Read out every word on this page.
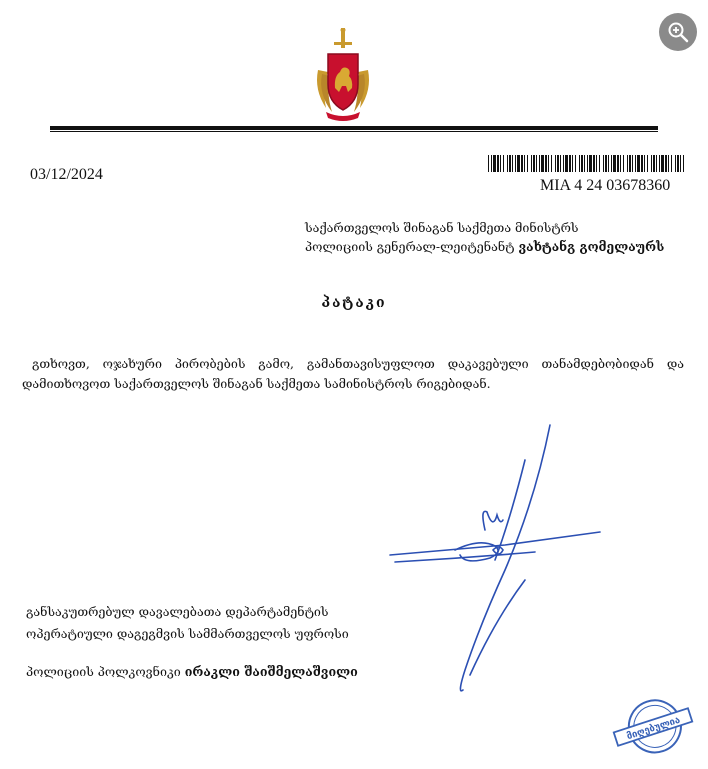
03/12/2024
MIA 4 24 03678360
საქართველოს შინაგან საქმეთა მინისტრს
პოლიციის გენერალ-ლეიტენანტ ვახტანგ გომელაურს
პატაკი
გთხოვთ, ოჯახური პირობების გამო, გამანთავისუფლოთ დაკავებული თანამდებობიდან და
დამითხოვოთ საქართველოს შინაგან საქმეთა სამინისტროს რიგებიდან.
განსაკუთრებულ დავალებათა დეპარტამენტის
ოპერატიული დაგეგმვის სამმართველოს უფროსი
პოლიციის პოლკოვნიკი ირაკლი შაიშმელაშვილი
მიღებულია
